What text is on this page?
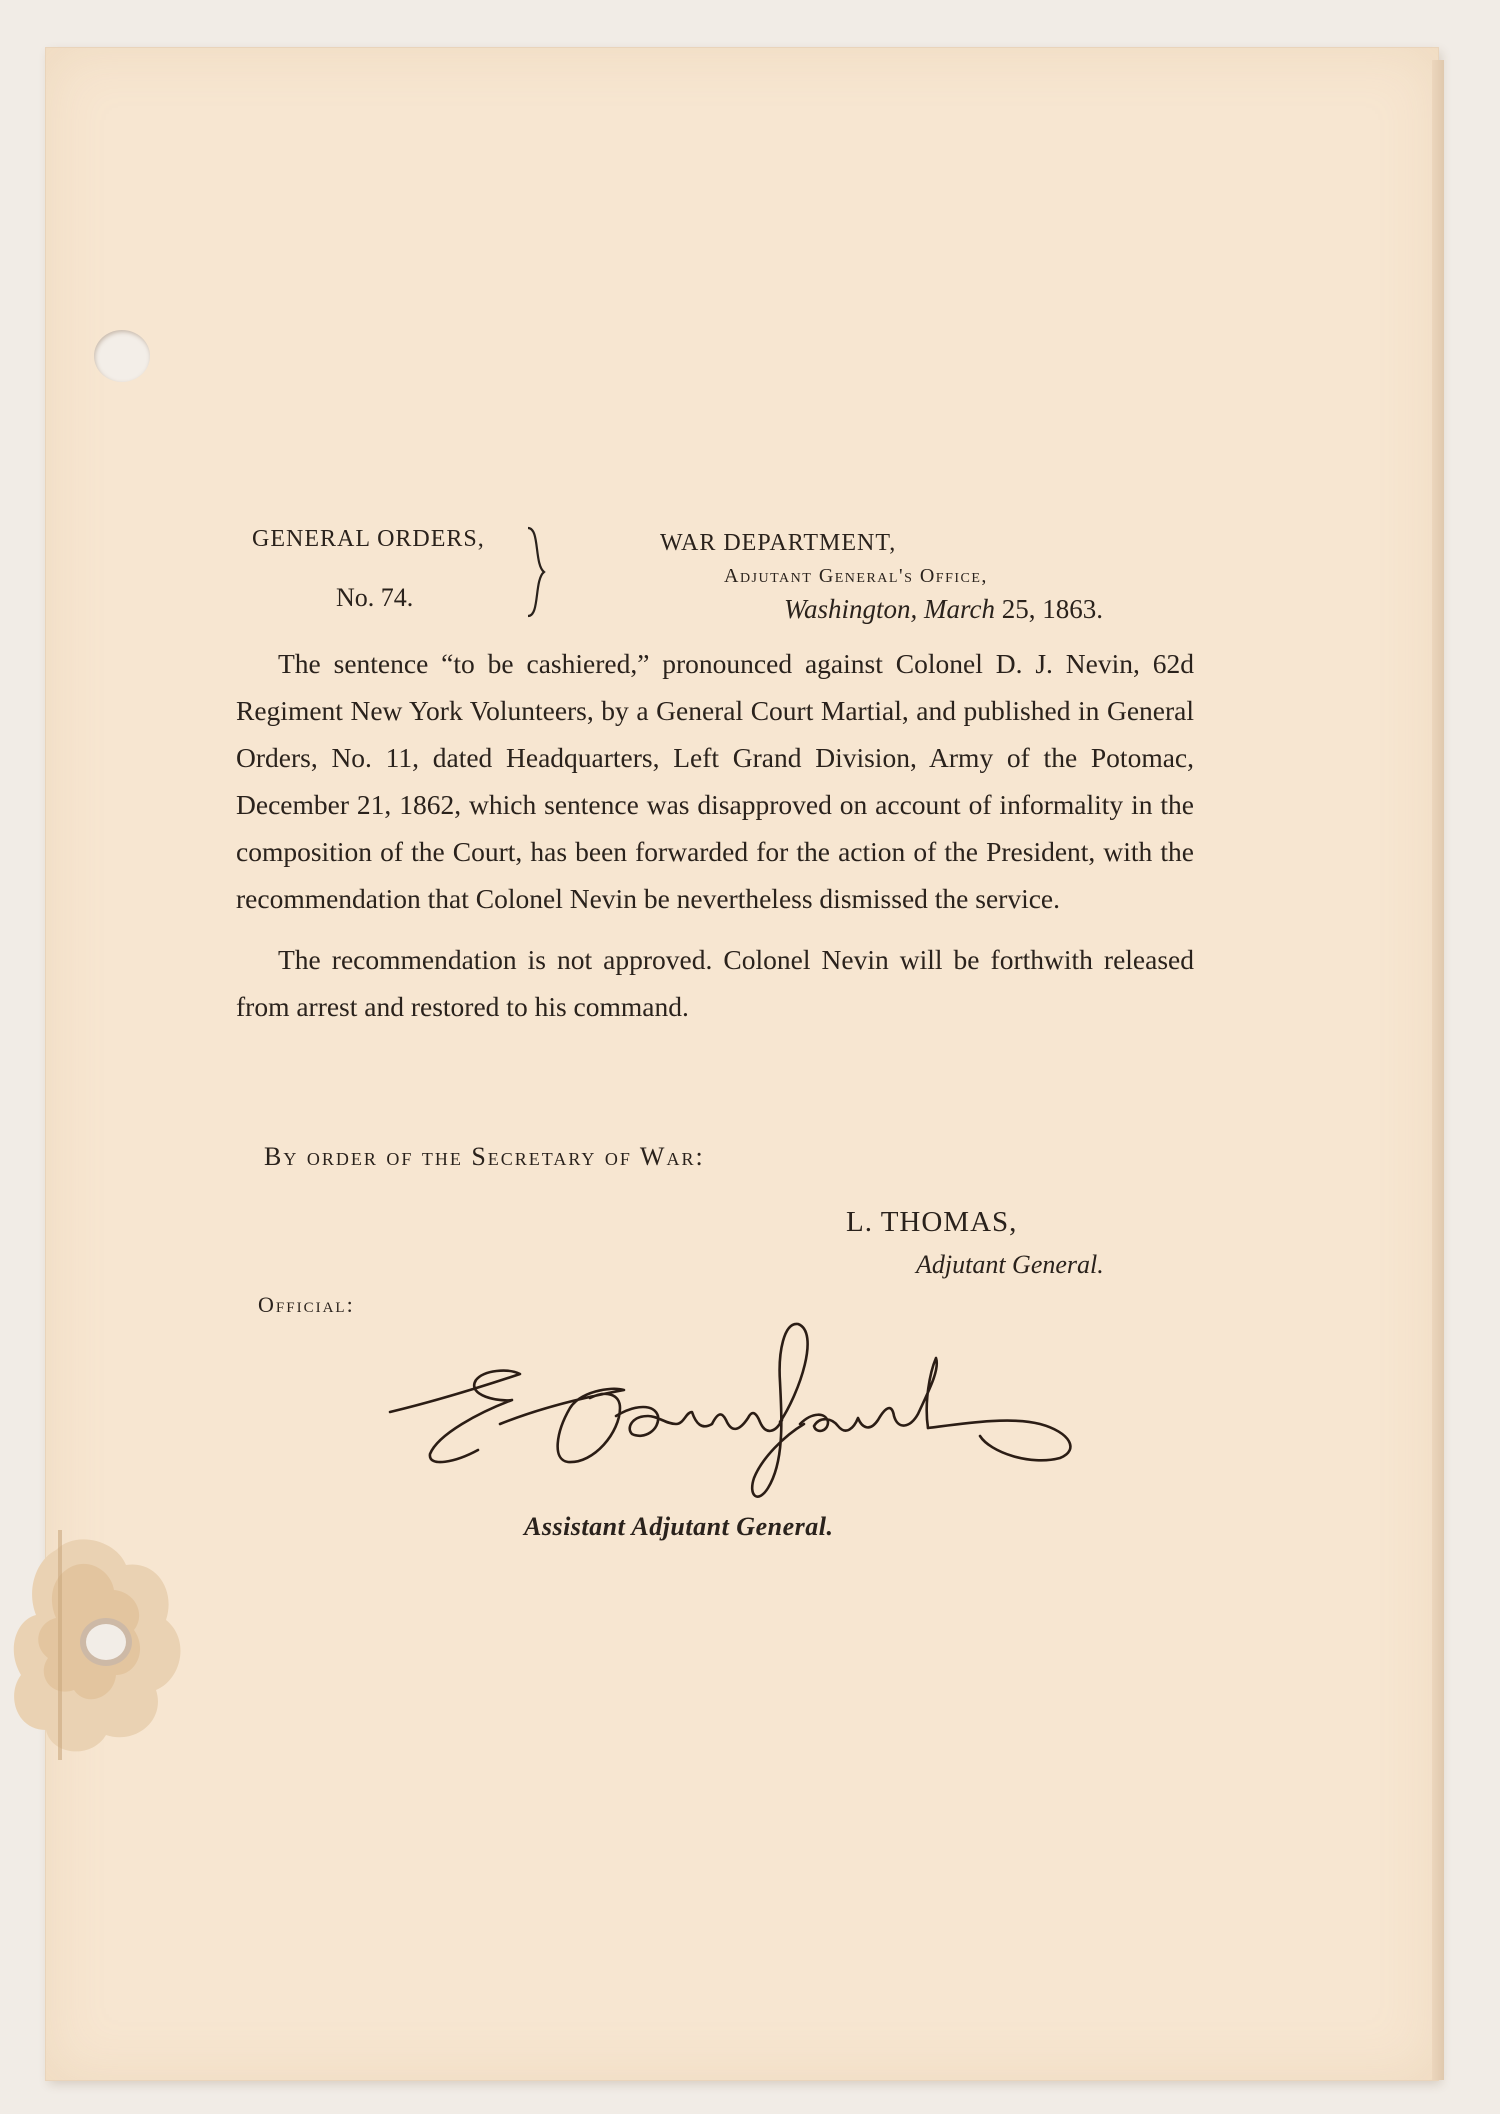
GENERAL ORDERS,
No. 74.
WAR DEPARTMENT,
Adjutant General's Office,
Washington, March 25, 1863.

The sentence “to be cashiered,” pronounced against Colonel D. J. Nevin, 62d Regiment New York Volunteers, by a General Court Martial, and published in General Orders, No. 11, dated Headquarters, Left Grand Division, Army of the Potomac, December 21, 1862, which sentence was disapproved on account of informality in the composition of the Court, has been forwarded for the action of the President, with the recommendation that Colonel Nevin be nevertheless dismissed the service.

The recommendation is not approved. Colonel Nevin will be forthwith released from arrest and restored to his command.

By order of the Secretary of War:
L. THOMAS,
Adjutant General.
Official:
Assistant Adjutant General.
